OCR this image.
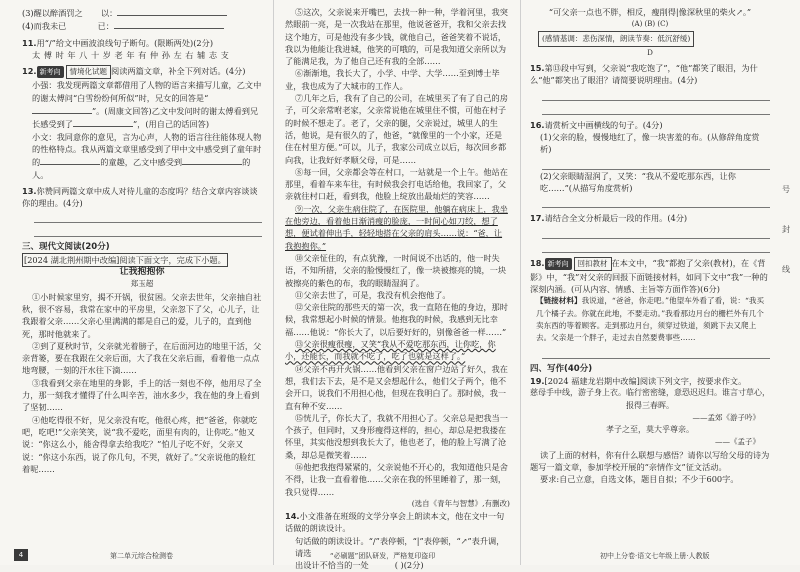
(3)醒以醉酒罚之 以：

(4)而我未已	已：

11.用“/”给文中画波浪线句子断句。(限断两处)(2分)

太 傅 时 年 八 十 岁 老 年 有 仲 孙 左 右 辅 志 支

12. 新考向 情境化试题 阅读两篇文章，补全下列对话。(4分)

小强：我发现两篇文章都借用了人物的语言来描写儿童，乙文中的谢太傅问“白雪纷纷何所似”时，兄女的回答是“”。(周康文回答)乙文中发问时的谢太傅看到兄长感受到了	”，(用自己的话回答)

小文：我同意你的意见，言为心声，人物的语言往往能体现人物的性格特点。我从两篇文章里感受到了甲中文中感受到了童年时的	的童趣，乙文中感受到	的人。

13.你赞同两篇文章中成人对待儿童的态度吗？结合文章内容谈谈你的理由。(4分)

三、现代文阅读(20分)

[2024 湖北荆州期中改编]阅读下面文字，完成下小题。

让我抱抱你

郑玉超

①小时候家里穷，揭不开锅，很贫困。父亲去世年，父亲抽自社秋，很不容易，我常在家中的平房里，父亲忽下了父，心儿子，让我跟着父亲……父亲心里满满的都是自己的爱，儿子的，直到他死，那时他就来了。

②到了夏秋时节，父亲就光着膀子，在后面河边的地里干活，父亲背篓，要在我跟在父亲后面，大了我在父亲后面，看着他一点点地弯腰，一刻的汗水往下滴……

③我看到父亲在地里的身影，手上的活一刻也不停，他用尽了全力，那一刻我才懂得了什么叫辛苦，油水多少，我在他的身上看到了坚韧……

④他吃得很不好，见父亲没有吃，他很心疼，把“爸爸，你就吃吧，吃吧!”父亲笑笑，说“我不爱吃，面里有肉的，让你吃。”他又说：“你这么小，能舍得拿去给我吃？”怕儿子吃不好，父亲又说：“你这小东西，说了你几句，不哭，就好了。”父亲说他的脸红着呢……

⑤这次，父亲说来开嘴巴，去找一种一种，学着河里，我突然眼前一亮，是一次我站在那里，他说爸爸开，我和父亲去找这个地方，可是他没有多少钱，就他自己，爸爸笑着不说话，我以为他能让我进城，他笑的可哦的，可是我知道父亲所以为了能满足我，为了他自己还有我的全部……

⑥渐渐地，我长大了，小学、中学、大学……至到博士毕业，我也成为了大城市的工作人。

⑦几年之后，我有了自己的公司，在城里买了有了自己的房子，可父亲常咐老家，父亲常说他在城里住不惯，可他在村子的时候不想走了。老了，父亲的腿，父亲说过，城里人的生活，他说，是有很久的了，他爸，“就像里的一个小家，还是住在村里方便。”可以，儿子，我家公司成立以后，每次回乡都向我，让我好好孝顺父母，可是……

⑧每一回，父亲都会等在村口，一站就是一个上午。他站在那里，看着车来车往，有时候我会打电话给他，我回家了，父亲就往村口赶，看到我，他脸上绽放出最灿烂的笑容……

⑨一次，父亲生病住院了，在医院里，他躺在病床上，我坐在他旁边，看着他日渐消瘦的脸庞，一时间心如刀绞，想了想，便试着伸出手，轻轻地搭在父亲的肩头……说：“爸，让我抱抱你。”

⑩父亲怔住的，有点犹豫，一时间说不出话的，他一时失语，不知所措，父亲的脸慢慢红了，像一块被擦亮的镜，一块被擦亮的紫色的布，我的眼睛湿润了。

⑪父亲去世了，可是，我没有机会抱他了。

⑫父亲住院的那些天的第一次，我一直陪在他的身边，那时候，我常想起小时候的情景。他抱我的时候，我感到无比幸福……他说：“你长大了，以后要好好的，别像爸爸一样……”

⑬父亲很瘦很瘦，又笑“我从不爱吃那东西，让你吃，你小，还能长，而我就不吃了，吃了也就是这样了。”

⑭父亲不再开火锅……他看到父亲在窗户边站了好久，我在想，我们去下去，是不是又会想起什么，他们父子两个，他不会开口，说我们不用担心他，但现在我明白了。那时候，我一直有种不安……

⑮恍儿子，你长大了，我就不用担心了。父亲总是把我当一个孩子，但同时，又身形瘦得这样的，担心，却总是把我搂在怀里，其实他没想到我长大了，他也老了，他的脸上写满了沧桑，却总是微笑着……

⑯他把我抱得紧紧的，父亲说他不开心的，我知道他只是舍不得，让我一直看着他……父亲在我的怀里睡着了，那一刻，我只觉得……

(选自《青年与智慧》,有删改)

14.小文准备在班级的文学分享会上朗读本文，他在文中一句话做的朗读设计。

句话做的朗读设计。“/”表停顿，“|”表停顿，“↗”表升调，请选

出设计不恰当的一处	( )(2分)

“可父亲一点也不胖，相反，瘦削得|像深秋里的柴火↗。”

(A) (B) (C)

(感情基调：悲伤深情，朗读节奏：低沉舒缓)

D

15.第⑬段中写到，父亲说“我吃饱了”，“他”都笑了眼泪，为什么“他”都笑出了眼泪？请简要说明理由。(4分)

16.请赏析文中画横线的句子。(4分)

(1)父亲的脸，慢慢地红了，像一块害羞的布。(从修辞角度赏析)

(2)父亲眼睛湿润了，又笑：“我从不爱吃那东西，让你吃……”(从描写角度赏析)

17.请结合全文分析最后一段的作用。(4分)

18. 新考向 回扣教材 在本文中，“我”都抱了父亲(教材)，在《背影》中，“我”对父亲的回报下面链接材料，如同下文中“我”一种的深刻内涵。(可从内容、情感、主旨等方面作答)(6分)

【链接材料】我说道，“爸爸，你走吧。”他望车外看了看，说：“我买几个橘子去。你就在此地，不要走动。”我看那边月台的栅栏外有几个卖东西的等着顾客。走到那边月台，须穿过铁道，须跳下去又爬上去。父亲是一个胖子，走过去自然要费事些……

四、写作(40分)

19.[2024 福建龙岩期中改编]阅读下列文字，按要求作文。

慈母手中线，游子身上衣。临行密密缝，意恐迟迟归。谁言寸草心，报得三春晖。

——孟郊《游子吟》

孝子之至，莫大乎尊亲。

——《孟子》

读了上面的材料，你有什么联想与感悟？请你以写给父母的诗为题写一篇文章，参加学校开展的“亲情作文”征文活动。

要求:自己立意，自选文体，题目自拟；不少于600字。

号 封 线
4	第二单元综合检测卷	“必刷题”团队研发，严格复印盗印	初中上分卷·语文七年级上册·人教版
